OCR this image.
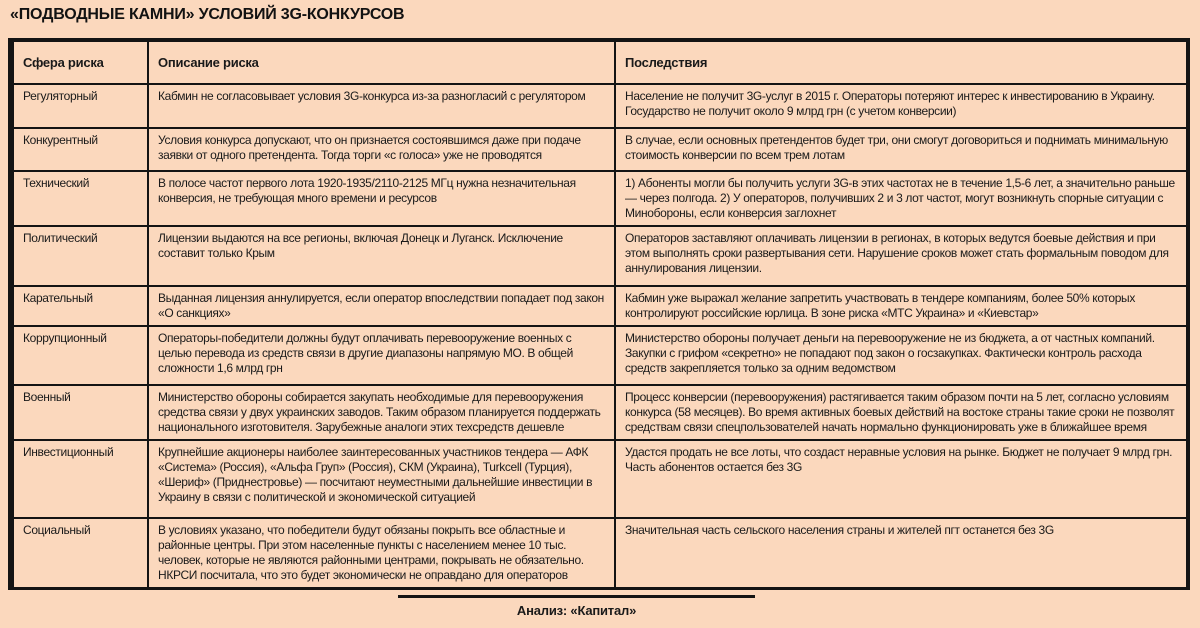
«ПОДВОДНЫЕ КАМНИ» УСЛОВИЙ 3G-КОНКУРСОВ
Сфера риска	Описание риска	Последствия
Регуляторный	Кабмин не согласовывает условия 3G-конкурса из-за разногласий с регулятором	Население не получит 3G-услуг в 2015 г. Операторы потеряют интерес к инвестированию в Украину. Государство не получит около 9 млрд грн (с учетом конверсии)
Конкурентный	Условия конкурса допускают, что он признается состоявшимся даже при подаче заявки от одного претендента. Тогда торги «с голоса» уже не проводятся	В случае, если основных претендентов будет три, они смогут договориться и поднимать минимальную стоимость конверсии по всем трем лотам
Технический	В полосе частот первого лота 1920-1935/2110-2125 МГц нужна незначительная конверсия, не требующая много времени и ресурсов	1) Абоненты могли бы получить услуги 3G-в этих частотах не в течение 1,5-6 лет, а значительно раньше — через полгода. 2) У операторов, получивших 2 и 3 лот частот, могут возникнуть спорные ситуации с Минобороны, если конверсия заглохнет
Политический	Лицензии выдаются на все регионы, включая Донецк и Луганск. Исключение составит только Крым	Операторов заставляют оплачивать лицензии в регионах, в которых ведутся боевые действия и при этом выполнять сроки развертывания сети. Нарушение сроков может стать формальным поводом для аннулирования лицензии.
Карательный	Выданная лицензия аннулируется, если оператор впоследствии попадает под закон «О санкциях»	Кабмин уже выражал желание запретить участвовать в тендере компаниям, более 50% которых контролируют российские юрлица. В зоне риска «МТС Украина» и «Киевстар»
Коррупционный	Операторы-победители должны будут оплачивать перевооружение военных с целью перевода из средств связи в другие диапазоны напрямую МО. В общей сложности 1,6 млрд грн	Министерство обороны получает деньги на перевооружение не из бюджета, а от частных компаний. Закупки с грифом «секретно» не попадают под закон о госзакупках. Фактически контроль расхода средств закрепляется только за одним ведомством
Военный	Министерство обороны собирается закупать необходимые для перевооружения средства связи у двух украинских заводов. Таким образом планируется поддержать национального изготовителя. Зарубежные аналоги этих техсредств дешевле	Процесс конверсии (перевооружения) растягивается таким образом почти на 5 лет, согласно условиям конкурса (58 месяцев). Во время активных боевых действий на востоке страны такие сроки не позволят средствам связи спецпользователей начать нормально функционировать уже в ближайшее время
Инвестиционный	Крупнейшие акционеры наиболее заинтересованных участников тендера — АФК «Система» (Россия), «Альфа Груп» (Россия), СКМ (Украина), Turkcell (Турция), «Шериф» (Приднестровье) — посчитают неуместными дальнейшие инвестиции в Украину в связи с политической и экономической ситуацией	Удастся продать не все лоты, что создаст неравные условия на рынке. Бюджет не получает 9 млрд грн. Часть абонентов остается без 3G
Социальный	В условиях указано, что победители будут обязаны покрыть все областные и районные центры. При этом населенные пункты с населением менее 10 тыс. человек, которые не являются районными центрами, покрывать не обязательно. НКРСИ посчитала, что это будет экономически не оправдано для операторов	Значительная часть сельского населения страны и жителей пгт останется без 3G
Анализ: «Капитал»
